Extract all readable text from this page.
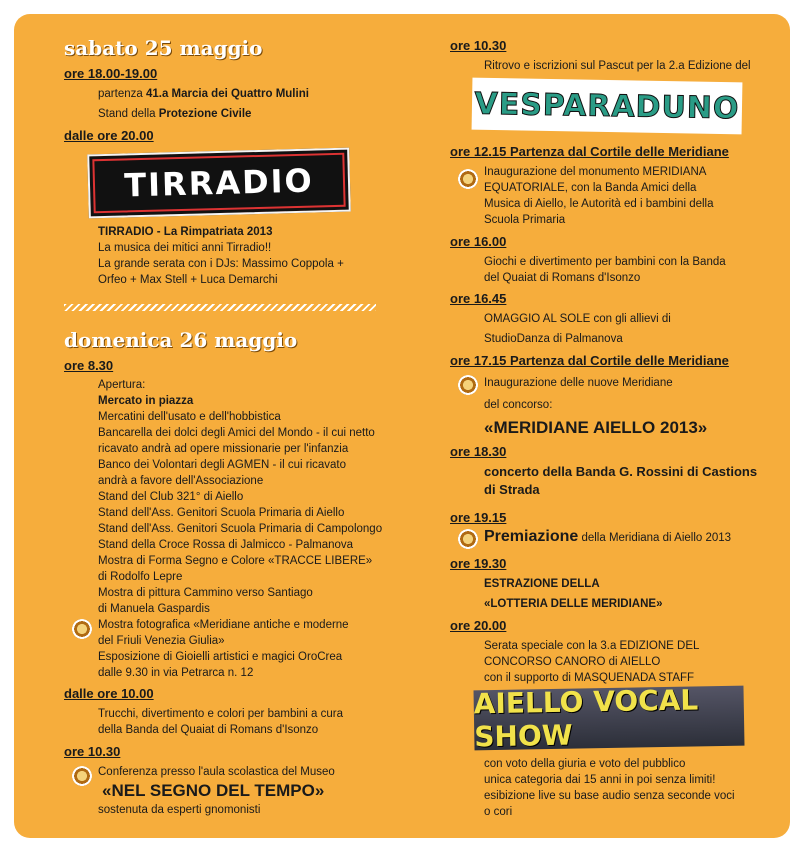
sabato 25 maggio
ore 18.00-19.00
partenza 41.a Marcia dei Quattro Mulini
Stand della Protezione Civile
dalle ore 20.00
TIRRADIO
TIRRADIO - La Rimpatriata 2013
La musica dei mitici anni Tirradio!!
La grande serata con i DJs: Massimo Coppola +
Orfeo + Max Stell + Luca Demarchi
domenica 26 maggio
ore 8.30
Apertura:
Mercato in piazza
Mercatini dell'usato e dell'hobbistica
Bancarella dei dolci degli Amici del Mondo - il cui netto
ricavato andrà ad opere missionarie per l'infanzia
Banco dei Volontari degli AGMEN - il cui ricavato
andrà a favore dell'Associazione
Stand del Club 321° di Aiello
Stand dell'Ass. Genitori Scuola Primaria di Aiello
Stand dell'Ass. Genitori Scuola Primaria di Campolongo
Stand della Croce Rossa di Jalmicco - Palmanova
Mostra di Forma Segno e Colore «TRACCE LIBERE»
di Rodolfo Lepre
Mostra di pittura Cammino verso Santiago
di Manuela Gaspardis
Mostra fotografica «Meridiane antiche e moderne
del Friuli Venezia Giulia»
Esposizione di Gioielli artistici e magici OroCrea
dalle 9.30 in via Petrarca n. 12
dalle ore 10.00
Trucchi, divertimento e colori per bambini a cura
della Banda del Quaiat di Romans d'Isonzo
ore 10.30
Conferenza presso l'aula scolastica del Museo
«NEL SEGNO DEL TEMPO»
sostenuta da esperti gnomonisti
ore 10.30
Ritrovo e iscrizioni sul Pascut per la 2.a Edizione del
VESPARADUNO
ore 12.15 Partenza dal Cortile delle Meridiane
Inaugurazione del monumento MERIDIANA
EQUATORIALE, con la Banda Amici della
Musica di Aiello, le Autorità ed i bambini della
Scuola Primaria
ore 16.00
Giochi e divertimento per bambini con la Banda
del Quaiat di Romans d'Isonzo
ore 16.45
OMAGGIO AL SOLE con gli allievi di
StudioDanza di Palmanova
ore 17.15 Partenza dal Cortile delle Meridiane
Inaugurazione delle nuove Meridiane
del concorso:
«MERIDIANE AIELLO 2013»
ore 18.30
concerto della Banda G. Rossini di Castions
di Strada
ore 19.15
Premiazione della Meridiana di Aiello 2013
ore 19.30
ESTRAZIONE DELLA
«LOTTERIA DELLE MERIDIANE»
ore 20.00
Serata speciale con la 3.a EDIZIONE DEL
CONCORSO CANORO di AIELLO
con il supporto di MASQUENADA STAFF
AIELLO VOCAL SHOW
con voto della giuria e voto del pubblico
unica categoria dai 15 anni in poi senza limiti!
esibizione live su base audio senza seconde voci
o cori
